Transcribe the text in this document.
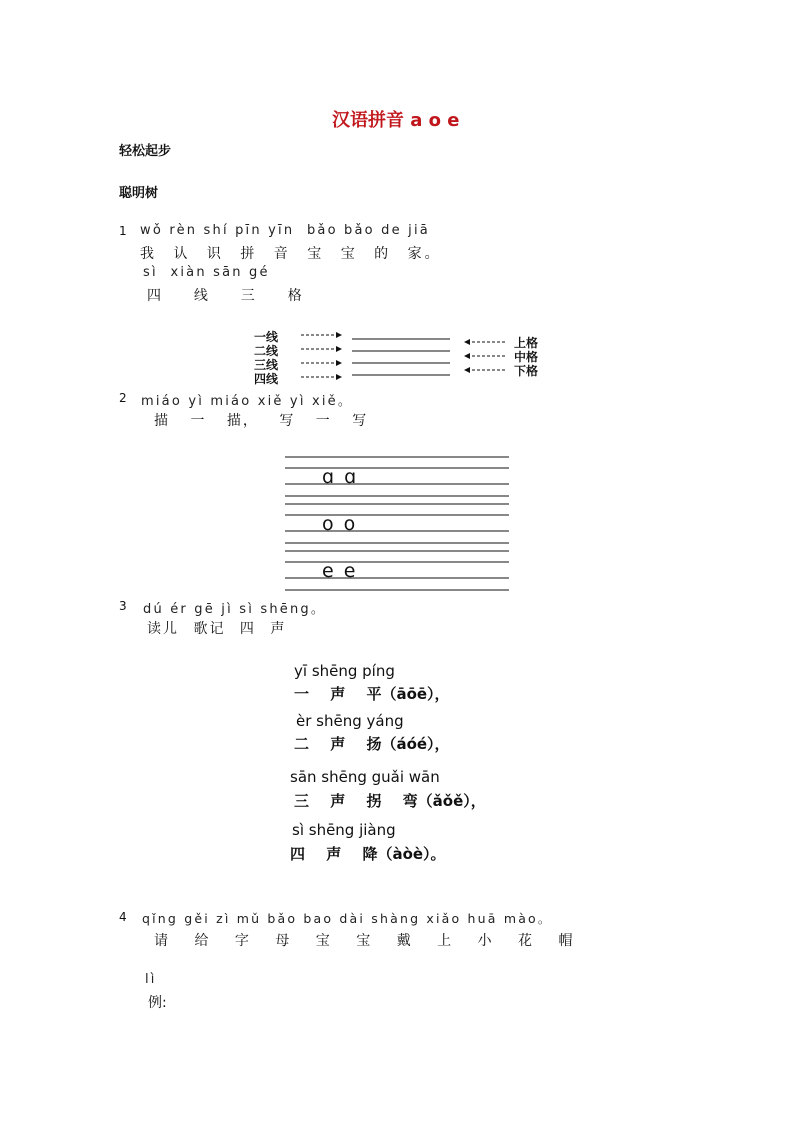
汉语拼音 a o e
轻松起步
聪明树
1 wǒ rèn shí pīn yīn  bǎo bǎo de jiā
我 认 识 拼 音 宝 宝 的 家。
sì  xiàn sān gé
四  线  三  格
一线
二线
三线
四线
上格
中格
下格
2 miáo yì miáo xiě yì xiě。
描 一 描， 写 一 写
ɑ ɑ
o o
e e
3 dú ér gē jì sì shēng。
读儿 歌记 四 声
yī shēng píng
一 声 平（āōē），
èr shēng yáng
二 声 扬（áóé），
sān shēng guǎi wān
三 声 拐 弯（ǎǒě），
sì shēng jiàng
四 声 降（àòè）。
4 qǐng gěi zì mǔ bǎo bao dài shàng xiǎo huā mào。
请 给 字 母 宝 宝 戴 上 小 花 帽
lì
例:
